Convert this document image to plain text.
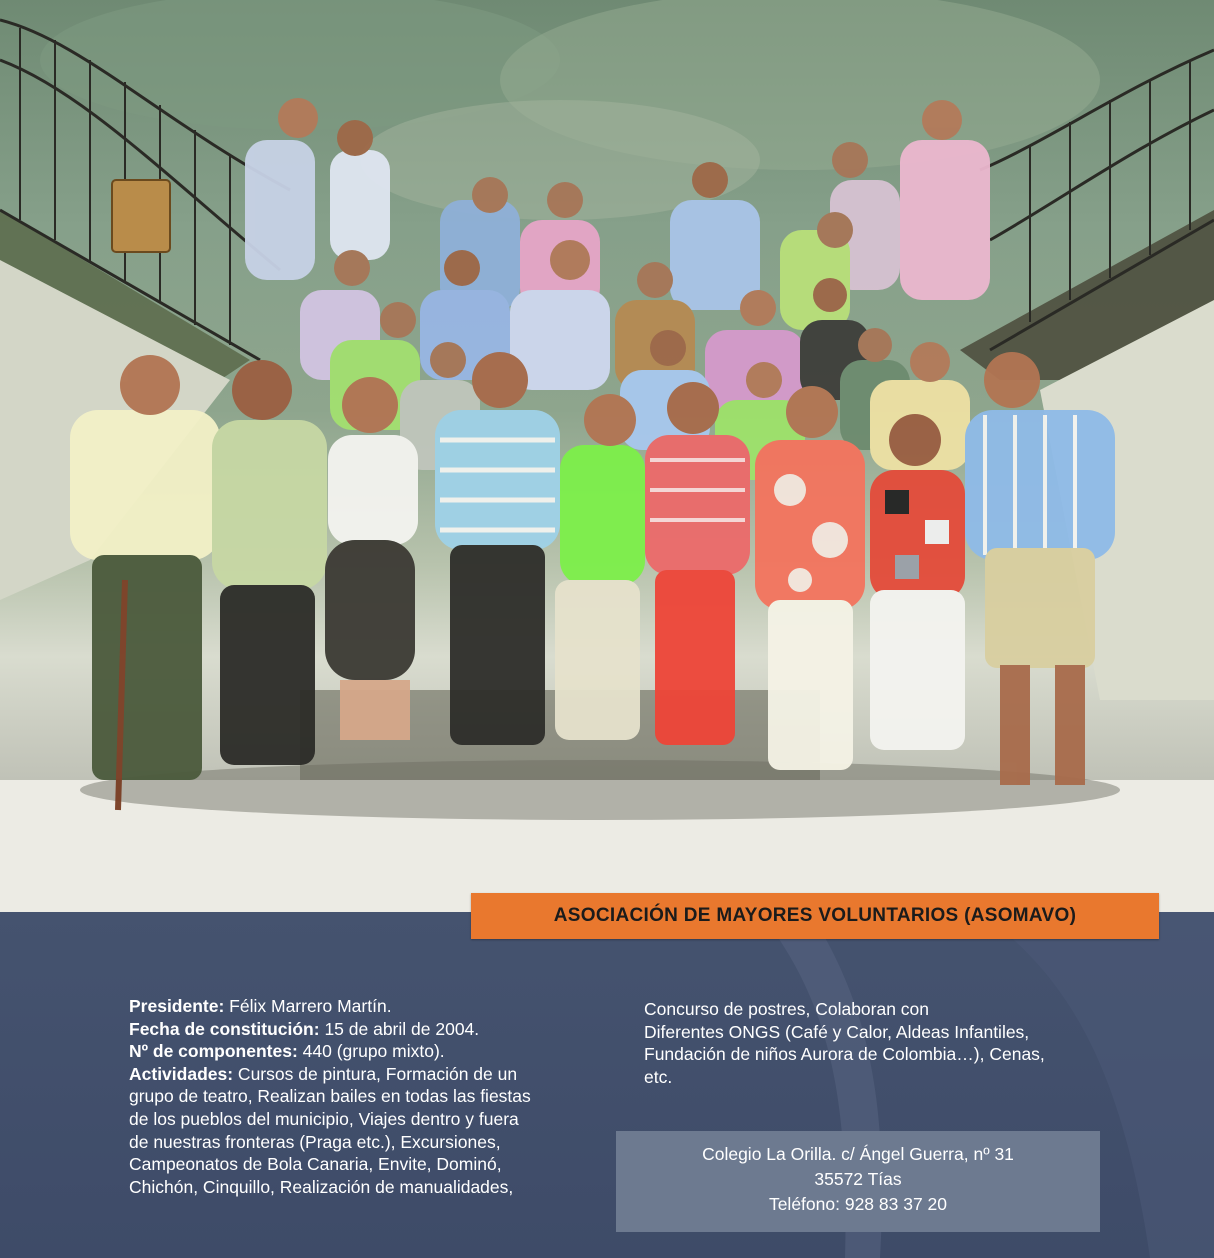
ASOCIACIÓN DE MAYORES VOLUNTARIOS (ASOMAVO)
Presidente: Félix Marrero Martín.
Fecha de constitución: 15 de abril de 2004.
Nº de componentes: 440 (grupo mixto).
Actividades: Cursos de pintura, Formación de un
grupo de teatro, Realizan bailes en todas las fiestas
de los pueblos del municipio, Viajes dentro y fuera
de nuestras fronteras (Praga etc.), Excursiones,
Campeonatos de Bola Canaria, Envite, Dominó,
Chichón, Cinquillo, Realización de manualidades,
Concurso de postres, Colaboran con
Diferentes ONGS (Café y Calor, Aldeas Infantiles,
Fundación de niños Aurora de Colombia…), Cenas,
etc.
Colegio La Orilla. c/ Ángel Guerra, nº 31
35572 Tías
Teléfono: 928 83 37 20
